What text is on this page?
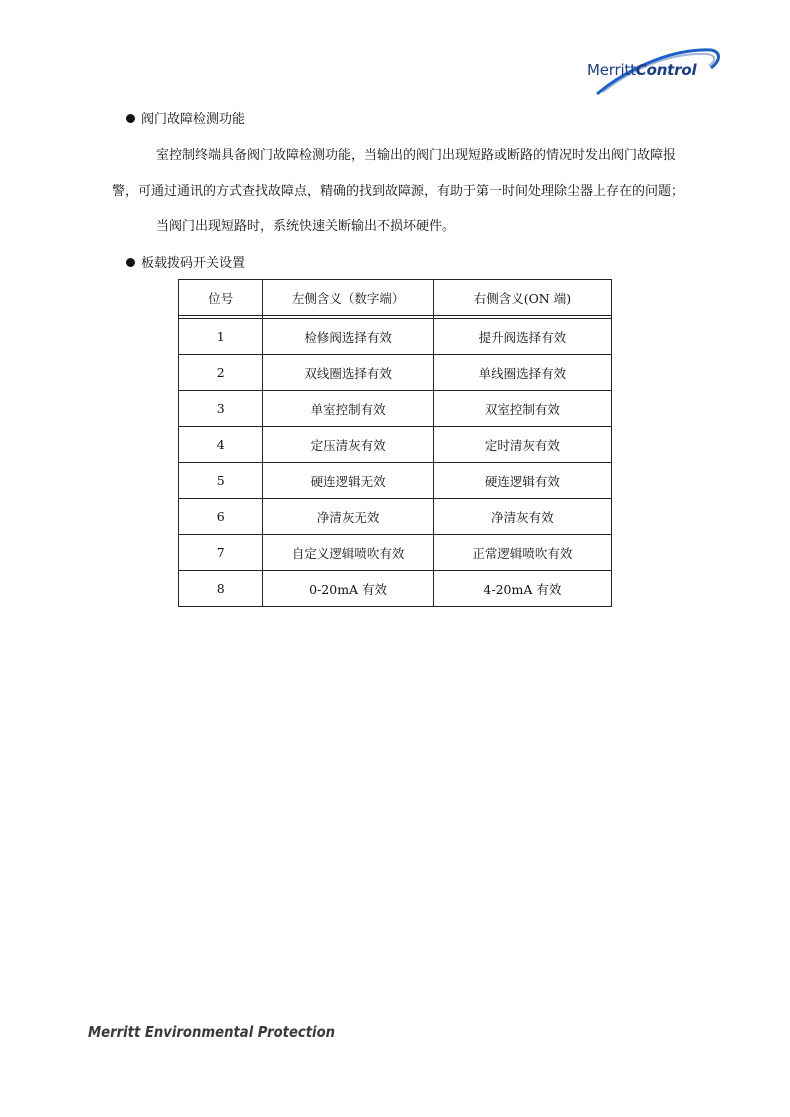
MerrittControl
阀门故障检测功能
室控制终端具备阀门故障检测功能，当输出的阀门出现短路或断路的情况时发出阀门故障报
警，可通过通讯的方式查找故障点，精确的找到故障源，有助于第一时间处理除尘器上存在的问题；
当阀门出现短路时，系统快速关断输出不损坏硬件。
板载拨码开关设置
位号	左侧含义（数字端）	右侧含义(ON 端)

1	检修阀选择有效	提升阀选择有效
2	双线圈选择有效	单线圈选择有效
3	单室控制有效	双室控制有效
4	定压清灰有效	定时清灰有效
5	硬连逻辑无效	硬连逻辑有效
6	净清灰无效	净清灰有效
7	自定义逻辑喷吹有效	正常逻辑喷吹有效
8	0-20mA 有效	4-20mA 有效
Merritt Environmental Protection
